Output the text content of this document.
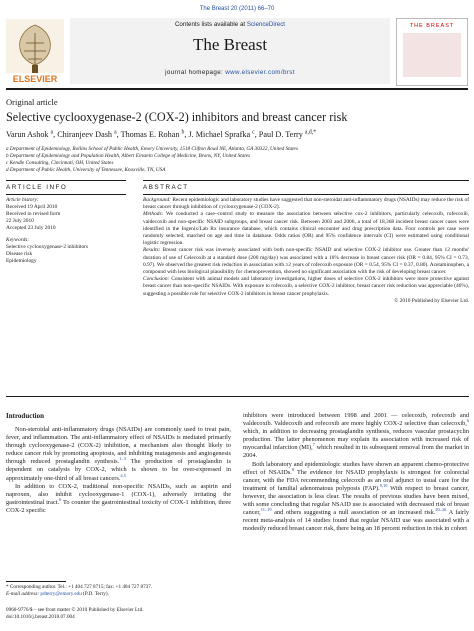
The Breast 20 (2011) 66–70
ELSEVIER
Contents lists available at ScienceDirect
The Breast
journal homepage: www.elsevier.com/brst
THE BREAST
Original article
Selective cyclooxygenase-2 (COX-2) inhibitors and breast cancer risk
Varun Ashok $^a$, Chiranjeev Dash $^a$, Thomas E. Rohan $^b$, J. Michael Sprafka $^c$, Paul D. Terry $^{a,d,*}$
a Department of Epidemiology, Rollins School of Public Health, Emory University, 1518 Clifton Road NE, Atlanta, GA 30322, United States
b Department of Epidemiology and Population Health, Albert Einstein College of Medicine, Bronx, NY, United States
c Kendle Consulting, Cincinnati, OH, United States
d Department of Public Health, University of Tennessee, Knoxville, TN, USA
ARTICLE INFO	ABSTRACT
Article history:
Received 19 April 2010
Received in revised form
22 July 2010
Accepted 23 July 2010
Keywords:
Selective cyclooxygenase-2 inhibitors
Disease risk
Epidemiology

Background: Recent epidemiologic and laboratory studies have suggested that non-steroidal anti-inflammatory drugs (NSAIDs) may reduce the risk of breast cancer through inhibition of cyclooxygenase-2 (COX-2).

Methods: We conducted a case–control study to measure the association between selective cox-2 inhibitors, particularly celecoxib, rofecoxib, valdecoxib and non-specific NSAID subgroups, and breast cancer risk. Between 2003 and 2006, a total of 18,368 incident breast cancer cases were identified in the Ingenix/Lab Rx insurance database, which contains clinical encounter and drug prescription data. Four controls per case were randomly selected, matched on age and time in database. Odds ratios (OR) and 95% confidence intervals (CI) were estimated using conditional logistic regression.

Results: Breast cancer risk was inversely associated with both non-specific NSAID and selective COX-2 inhibitor use. Greater than 12 months' duration of use of Celecoxib at a standard dose (200 mg/day) was associated with a 16% decrease in breast cancer risk (OR = 0.84, 95% CI = 0.73, 0.97). We observed the greatest risk reduction in association with ≥2 years of rofecoxib exposure (OR = 0.54, 95% CI = 0.37, 0.80). Acetaminophen, a compound with less biological plausibility for chemoprevention, showed no significant association with the risk of developing breast cancer.

Conclusion: Consistent with animal models and laboratory investigations, higher doses of selective COX-2 inhibitors were more protective against breast cancer than non-specific NSAIDs. With exposure to rofecoxib, a selective COX-2 inhibitor, breast cancer risk reduction was appreciable (46%), suggesting a possible role for selective COX-2 inhibitors in breast cancer prophylaxis.

© 2010 Published by Elsevier Ltd.
Introduction

Non-steroidal anti-inflammatory drugs (NSAIDs) are commonly used to treat pain, fever, and inflammation. The anti-inflammatory effect of NSAIDs is mediated primarily through cyclooxygenase-2 (COX-2) inhibition, a mechanism also thought likely to reduce cancer risk by promoting apoptosis, and inhibiting mutagenesis and angiogenesis through reduced prostaglandin synthesis.$^{1-3}$ The production of prostaglandin is dependent on catalysis by COX-2, which is shown to be over-expressed in approximately one-third of all breast cancers.$^{4,5}$

In addition to COX-2, traditional non-specific NSAIDs, such as aspirin and naproxen, also inhibit cyclooxygenase-1 (COX-1), adversely irritating the gastrointestinal tract.$^6$ To counter the gastrointestinal toxicity of COX-1 inhibition, three COX-2 specific

inhibitors were introduced between 1998 and 2001 — celecoxib, rofecoxib and valdecoxib. Valdecoxib and rofecoxib are more highly COX-2 selective than celecoxib,$^6$ which, in addition to decreasing prostaglandin synthesis, reduces vascular prostacyclin production. The latter phenomenon may explain its association with increased risk of myocardial infarction (MI),$^7$ which resulted in its subsequent removal from the market in 2004.

Both laboratory and epidemiologic studies have shown an apparent chemo-protective effect of NSAIDs.$^8$ The evidence for NSAID prophylaxis is strongest for colorectal cancer, with the FDA recommending celecoxib as an oral adjunct to usual care for the treatment of familial adenomatous polyposis (FAP).$^{9,10}$ With respect to breast cancer, however, the association is less clear. The results of previous studies have been mixed, with some concluding that regular NSAID use is associated with decreased risk of breast cancer,$^{11-19}$ and others suggesting a null association or an increased risk.$^{20-26}$ A fairly recent meta-analysis of 14 studies found that regular NSAID use was associated with a modestly reduced breast cancer risk, there being an 18 percent reduction in risk in cohort

* Corresponding author. Tel.: +1 404 727 8715; fax: +1 404 727 8737.
E-mail address: pdterry@emory.edu (P.D. Terry).
0960-9776/$ – see front matter © 2010 Published by Elsevier Ltd.
doi:10.1016/j.breast.2010.07.004
